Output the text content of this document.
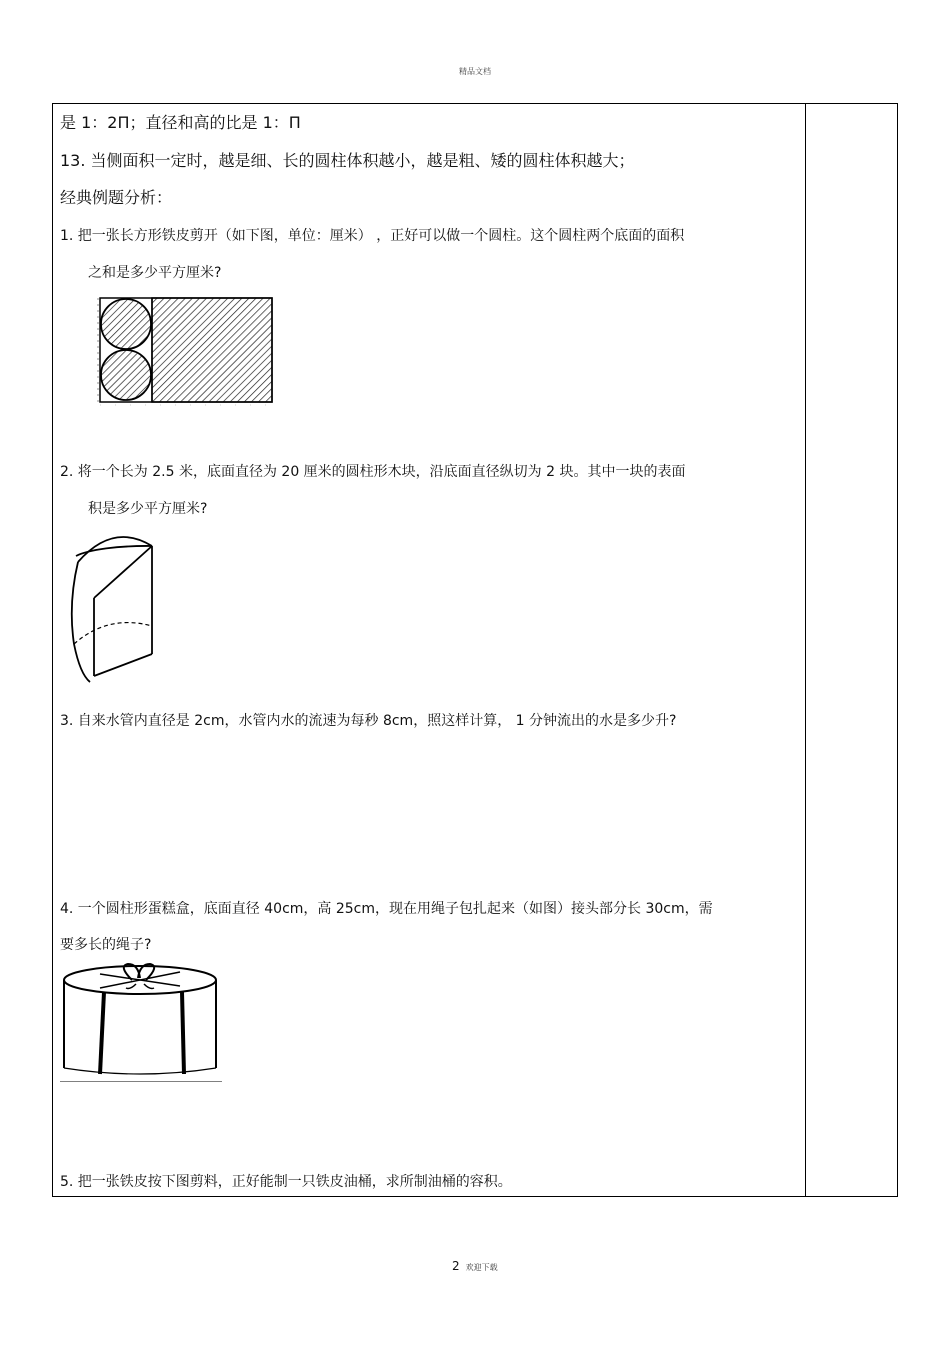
精品文档
是 1：2Π；直径和高的比是 1：Π
13. 当侧面积一定时，越是细、长的圆柱体积越小，越是粗、矮的圆柱体积越大；
经典例题分析：
1. 把一张长方形铁皮剪开（如下图，单位：厘米） ，正好可以做一个圆柱。这个圆柱两个底面的面积
之和是多少平方厘米?
2. 将一个长为 2.5 米，底面直径为 20 厘米的圆柱形木块，沿底面直径纵切为 2 块。其中一块的表面
积是多少平方厘米?
3. 自来水管内直径是 2cm，水管内水的流速为每秒 8cm，照这样计算， 1 分钟流出的水是多少升?
4. 一个圆柱形蛋糕盒，底面直径 40cm，高 25cm，现在用绳子包扎起来（如图）接头部分长 30cm，需
要多长的绳子?
5. 把一张铁皮按下图剪料，正好能制一只铁皮油桶，求所制油桶的容积。
2 欢迎下载
